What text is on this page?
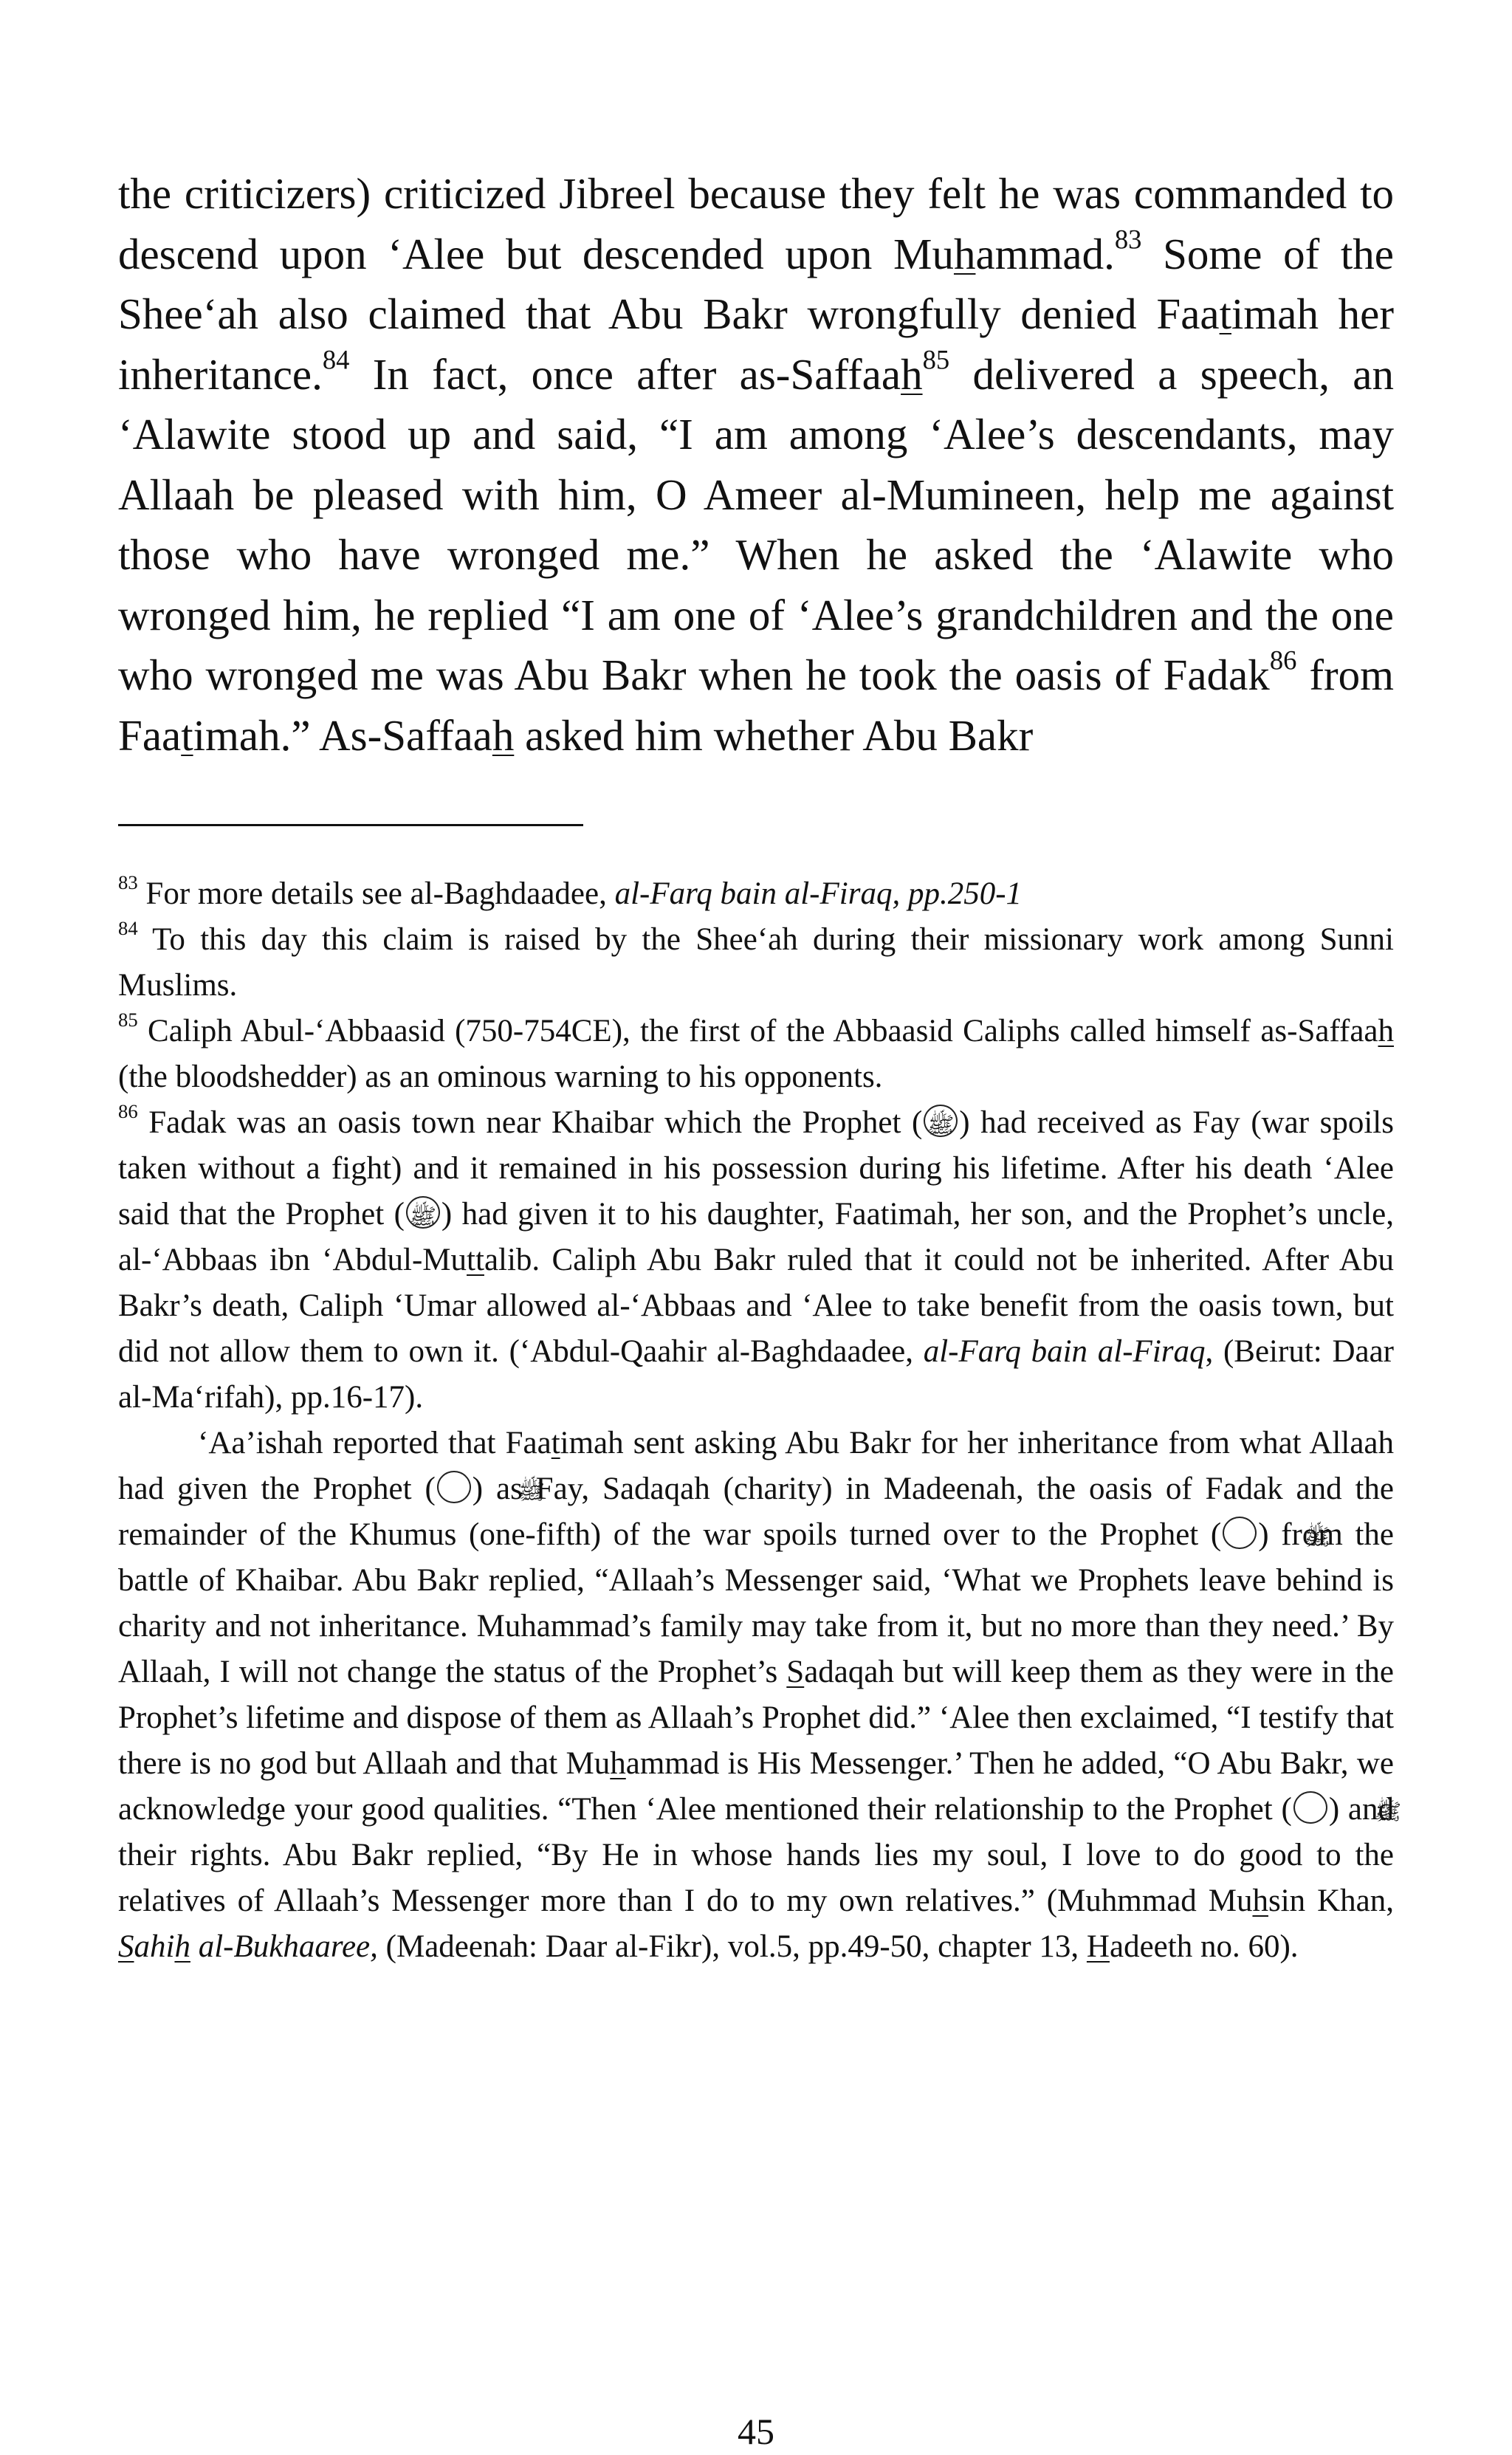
the criticizers) criticized Jibreel because they felt he was commanded to descend upon ‘Alee but descended upon Muhammad.$^{83}$ Some of the Shee‘ah also claimed that Abu Bakr wrongfully denied Faatimah her inheritance.$^{84}$ In fact, once after as-Saffaah$^{85}$ delivered a speech, an ‘Alawite stood up and said, “I am among ‘Alee’s descendants, may Allaah be pleased with him, O Ameer al-Mumineen, help me against those who have wronged me.” When he asked the ‘Alawite who wronged him, he replied “I am one of ‘Alee’s grandchildren and the one who wronged me was Abu Bakr when he took the oasis of Fadak$^{86}$ from Faatimah.” As-Saffaah asked him whether Abu Bakr

$^{83}$ For more details see al-Baghdaadee, al-Farq bain al-Firaq, pp.250-1

$^{84}$ To this day this claim is raised by the Shee‘ah during their missionary work among Sunni Muslims.

$^{85}$ Caliph Abul-‘Abbaasid (750-754CE), the first of the Abbaasid Caliphs called himself as-Saffaah (the bloodshedder) as an ominous warning to his opponents.

$^{86}$ Fadak was an oasis town near Khaibar which the Prophet ( ﷺ ) had received as Fay (war spoils taken without a fight) and it remained in his possession during his lifetime. After his death ‘Alee said that the Prophet ( ﷺ ) had given it to his daughter, Faatimah, her son, and the Prophet’s uncle, al-‘Abbaas ibn ‘Abdul-Muttalib. Caliph Abu Bakr ruled that it could not be inherited. After Abu Bakr’s death, Caliph ‘Umar allowed al-‘Abbaas and ‘Alee to take benefit from the oasis town, but did not allow them to own it. (‘Abdul-Qaahir al-Baghdaadee, al-Farq bain al-Firaq, (Beirut: Daar al-Ma‘rifah), pp.16-17).

‘Aa’ishah reported that Faatimah sent asking Abu Bakr for her inheritance from what Allaah had given the Prophet ( ﷺ ) as Fay, Sadaqah (charity) in Madeenah, the oasis of Fadak and the remainder of the Khumus (one-fifth) of the war spoils turned over to the Prophet ( ﷺ ) from the battle of Khaibar. Abu Bakr replied, “Allaah’s Messenger said, ‘What we Prophets leave behind is charity and not inheritance. Muhammad’s family may take from it, but no more than they need.’ By Allaah, I will not change the status of the Prophet’s Sadaqah but will keep them as they were in the Prophet’s lifetime and dispose of them as Allaah’s Prophet did.” ‘Alee then exclaimed, “I testify that there is no god but Allaah and that Muhammad is His Messenger.’ Then he added, “O Abu Bakr, we acknowledge your good qualities. “Then ‘Alee mentioned their relationship to the Prophet ( ﷺ ) and their rights. Abu Bakr replied, “By He in whose hands lies my soul, I love to do good to the relatives of Allaah’s Messenger more than I do to my own relatives.” (Muhmmad Muhsin Khan, Sahih al-Bukhaaree, (Madeenah: Daar al-Fikr), vol.5, pp.49-50, chapter 13, Hadeeth no. 60).

45
